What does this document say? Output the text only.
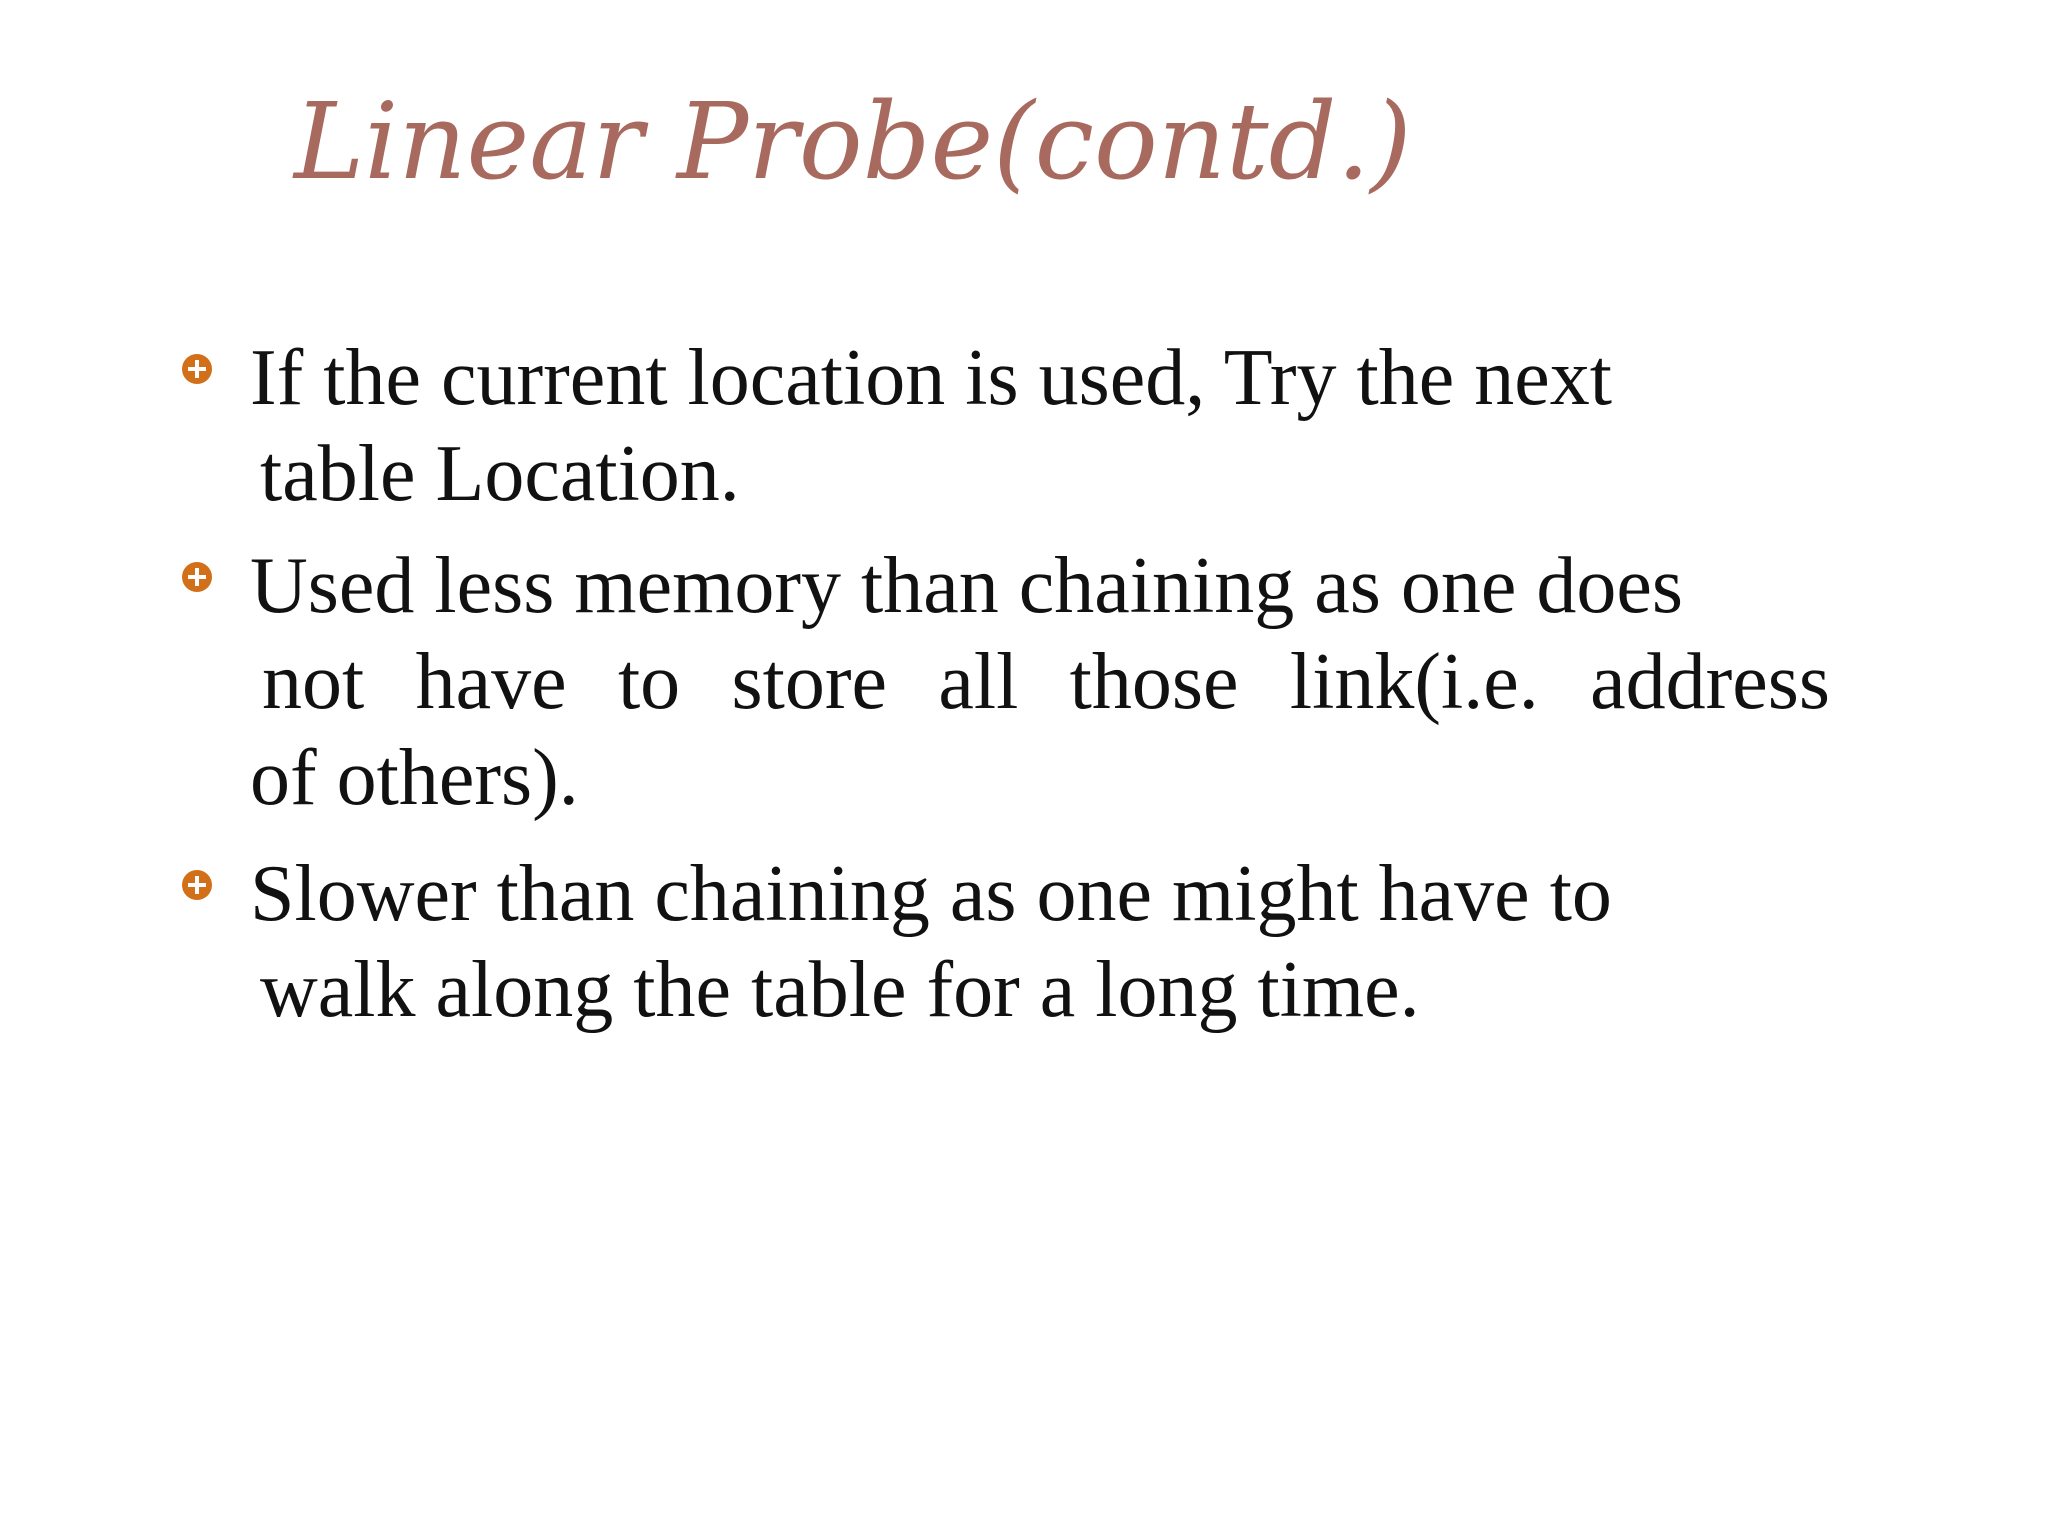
Linear Probe(contd.)
If the current location is used, Try the next
table Location.
Used less memory than chaining as one does
not have to store all those link(i.e. address
of others).
Slower than chaining as one might have to
walk along the table for a long time.
